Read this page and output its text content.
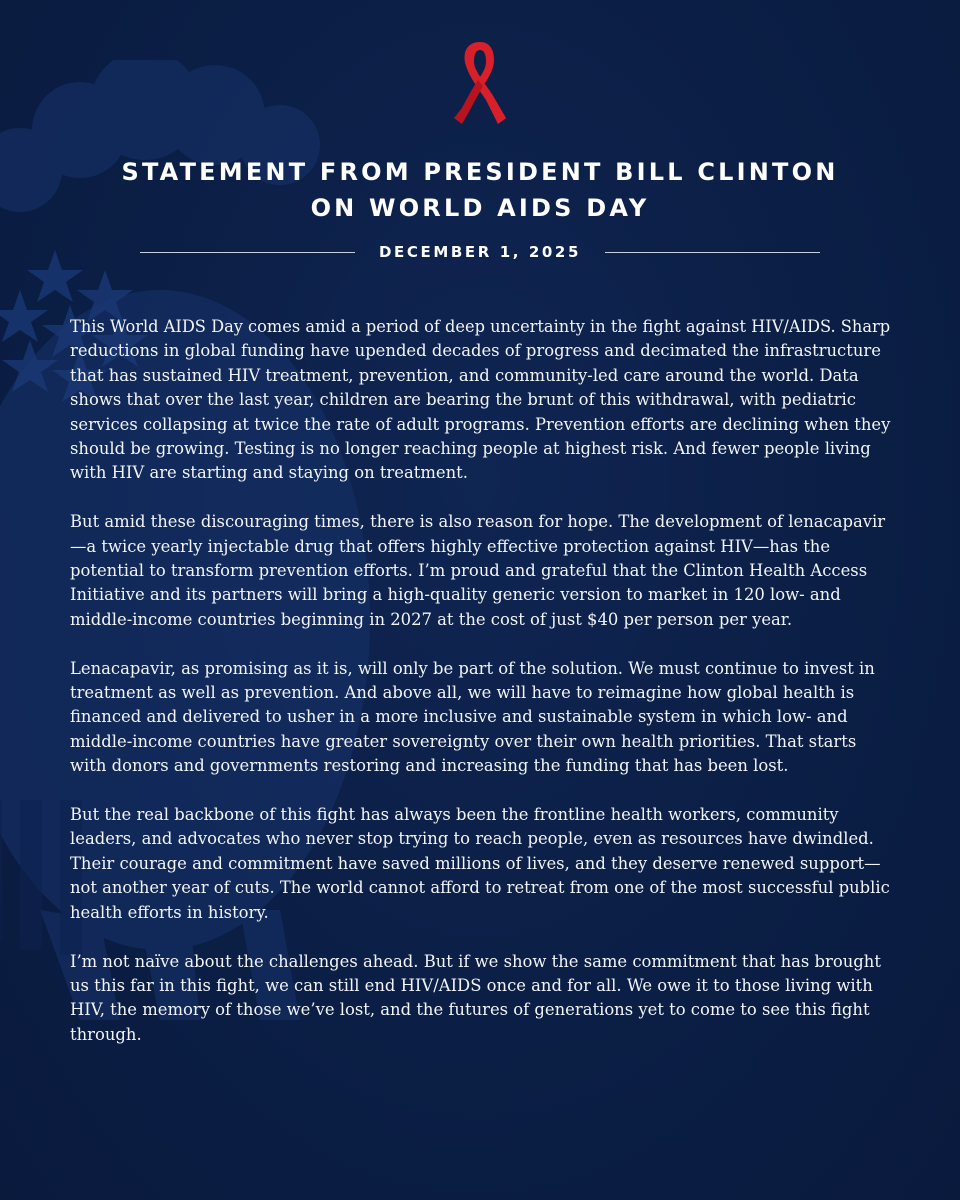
STATEMENT FROM PRESIDENT BILL CLINTON
ON WORLD AIDS DAY
DECEMBER 1, 2025

This World AIDS Day comes amid a period of deep uncertainty in the fight against HIV/AIDS. Sharp
reductions in global funding have upended decades of progress and decimated the infrastructure
that has sustained HIV treatment, prevention, and community-led care around the world. Data
shows that over the last year, children are bearing the brunt of this withdrawal, with pediatric
services collapsing at twice the rate of adult programs. Prevention efforts are declining when they
should be growing. Testing is no longer reaching people at highest risk. And fewer people living
with HIV are starting and staying on treatment.

But amid these discouraging times, there is also reason for hope. The development of lenacapavir
—a twice yearly injectable drug that offers highly effective protection against HIV—has the
potential to transform prevention efforts. I’m proud and grateful that the Clinton Health Access
Initiative and its partners will bring a high-quality generic version to market in 120 low- and
middle-income countries beginning in 2027 at the cost of just $40 per person per year.

Lenacapavir, as promising as it is, will only be part of the solution. We must continue to invest in
treatment as well as prevention. And above all, we will have to reimagine how global health is
financed and delivered to usher in a more inclusive and sustainable system in which low- and
middle-income countries have greater sovereignty over their own health priorities. That starts
with donors and governments restoring and increasing the funding that has been lost.

But the real backbone of this fight has always been the frontline health workers, community
leaders, and advocates who never stop trying to reach people, even as resources have dwindled.
Their courage and commitment have saved millions of lives, and they deserve renewed support—
not another year of cuts. The world cannot afford to retreat from one of the most successful public
health efforts in history.

I’m not naïve about the challenges ahead. But if we show the same commitment that has brought
us this far in this fight, we can still end HIV/AIDS once and for all. We owe it to those living with
HIV, the memory of those we’ve lost, and the futures of generations yet to come to see this fight
through.
